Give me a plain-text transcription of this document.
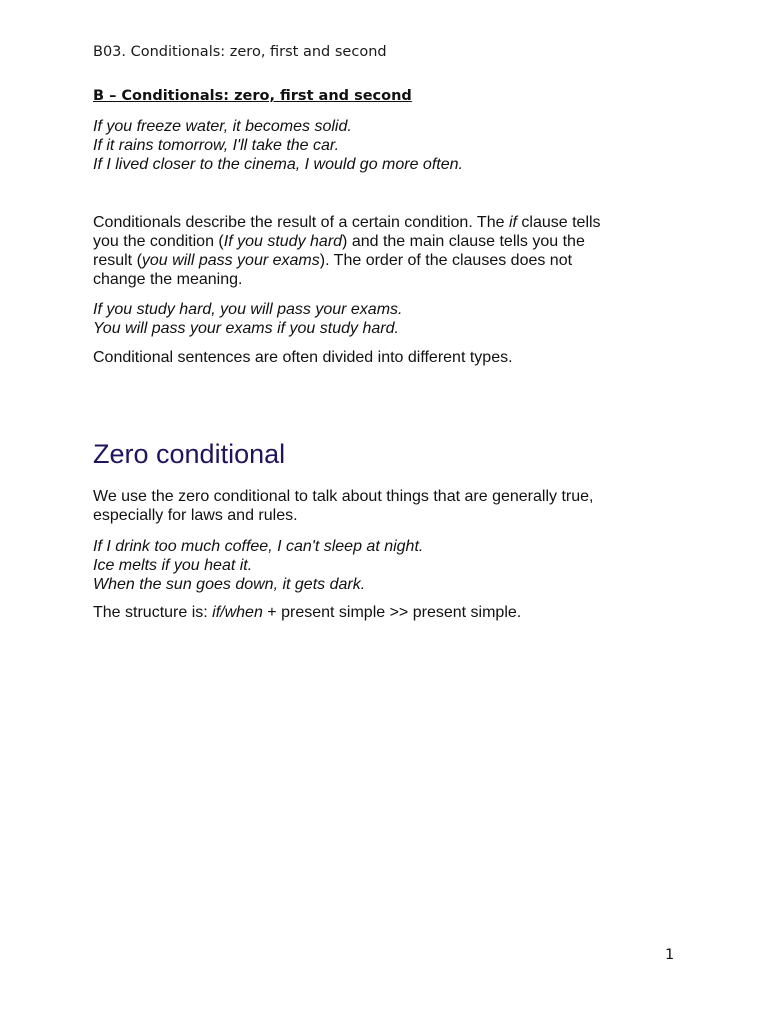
B03. Conditionals: zero, first and second
B – Conditionals: zero, first and second
If you freeze water, it becomes solid.
If it rains tomorrow, I'll take the car.
If I lived closer to the cinema, I would go more often.
Conditionals describe the result of a certain condition. The if clause tells
you the condition (If you study hard) and the main clause tells you the
result (you will pass your exams). The order of the clauses does not
change the meaning.
If you study hard, you will pass your exams.
You will pass your exams if you study hard.
Conditional sentences are often divided into different types.
Zero conditional
We use the zero conditional to talk about things that are generally true,
especially for laws and rules.
If I drink too much coffee, I can't sleep at night.
Ice melts if you heat it.
When the sun goes down, it gets dark.
The structure is: if/when + present simple >> present simple.
1
